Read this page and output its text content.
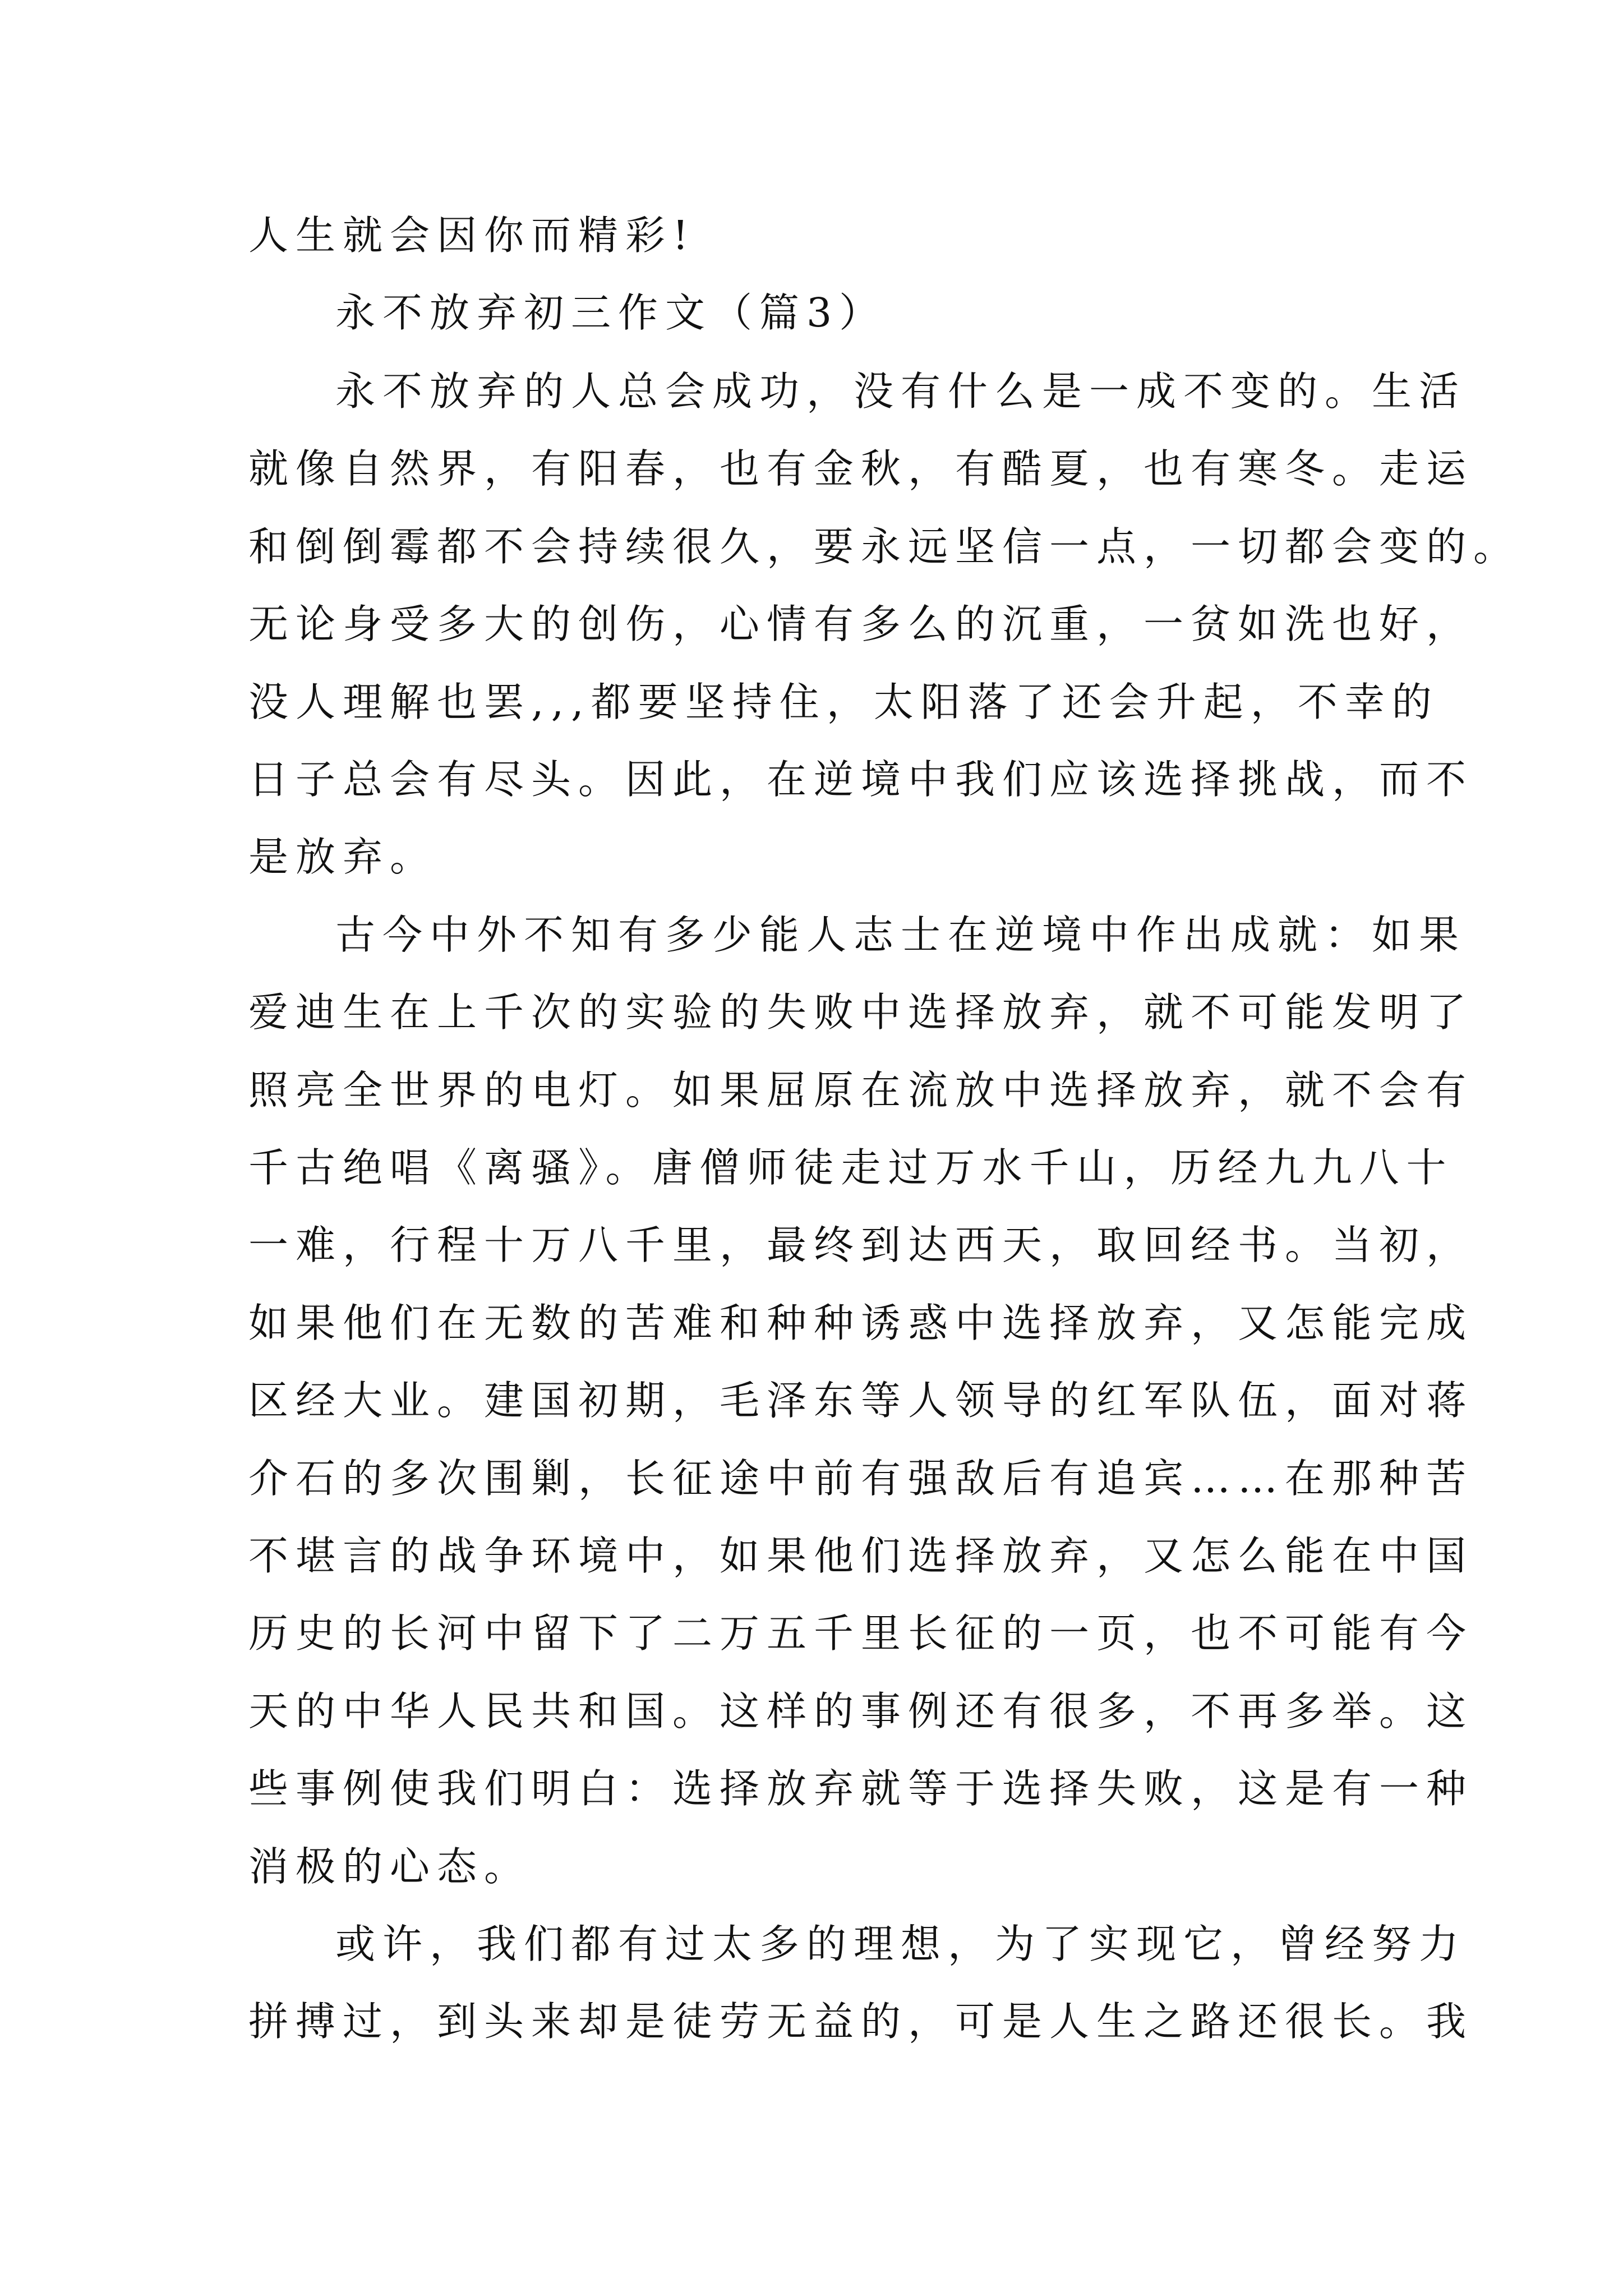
人生就会因你而精彩!
永不放弃初三作文（篇3）
永不放弃的人总会成功，没有什么是一成不变的。生活
就像自然界，有阳春，也有金秋，有酷夏，也有寒冬。走运
和倒倒霉都不会持续很久，要永远坚信一点，一切都会变的。
无论身受多大的创伤，心情有多么的沉重，一贫如洗也好，
没人理解也罢,,,都要坚持住，太阳落了还会升起，不幸的
日子总会有尽头。因此，在逆境中我们应该选择挑战，而不
是放弃。
古今中外不知有多少能人志士在逆境中作出成就：如果
爱迪生在上千次的实验的失败中选择放弃，就不可能发明了
照亮全世界的电灯。如果屈原在流放中选择放弃，就不会有
千古绝唱《离骚》。唐僧师徒走过万水千山，历经九九八十
一难，行程十万八千里，最终到达西天，取回经书。当初，
如果他们在无数的苦难和种种诱惑中选择放弃，又怎能完成
区经大业。建国初期，毛泽东等人领导的红军队伍，面对蒋
介石的多次围剿，长征途中前有强敌后有追宾……在那种苦
不堪言的战争环境中，如果他们选择放弃，又怎么能在中国
历史的长河中留下了二万五千里长征的一页，也不可能有今
天的中华人民共和国。这样的事例还有很多，不再多举。这
些事例使我们明白：选择放弃就等于选择失败，这是有一种
消极的心态。
或许，我们都有过太多的理想，为了实现它，曾经努力
拼搏过，到头来却是徒劳无益的，可是人生之路还很长。我
